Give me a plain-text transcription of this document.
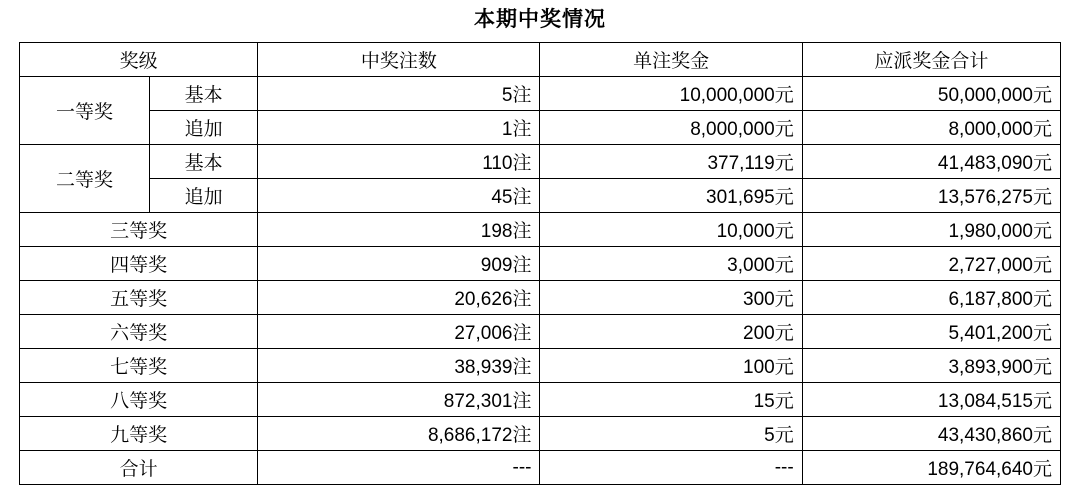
本期中奖情况
奖级		中奖注数	单注奖金	应派奖金合计
一等奖	基本	5注	10,000,000元	50,000,000元
	追加	1注	8,000,000元	8,000,000元
二等奖	基本	110注	377,119元	41,483,090元
	追加	45注	301,695元	13,576,275元
三等奖		198注	10,000元	1,980,000元
四等奖		909注	3,000元	2,727,000元
五等奖		20,626注	300元	6,187,800元
六等奖		27,006注	200元	5,401,200元
七等奖		38,939注	100元	3,893,900元
八等奖		872,301注	15元	13,084,515元
九等奖		8,686,172注	5元	43,430,860元
合计		---	---	189,764,640元
